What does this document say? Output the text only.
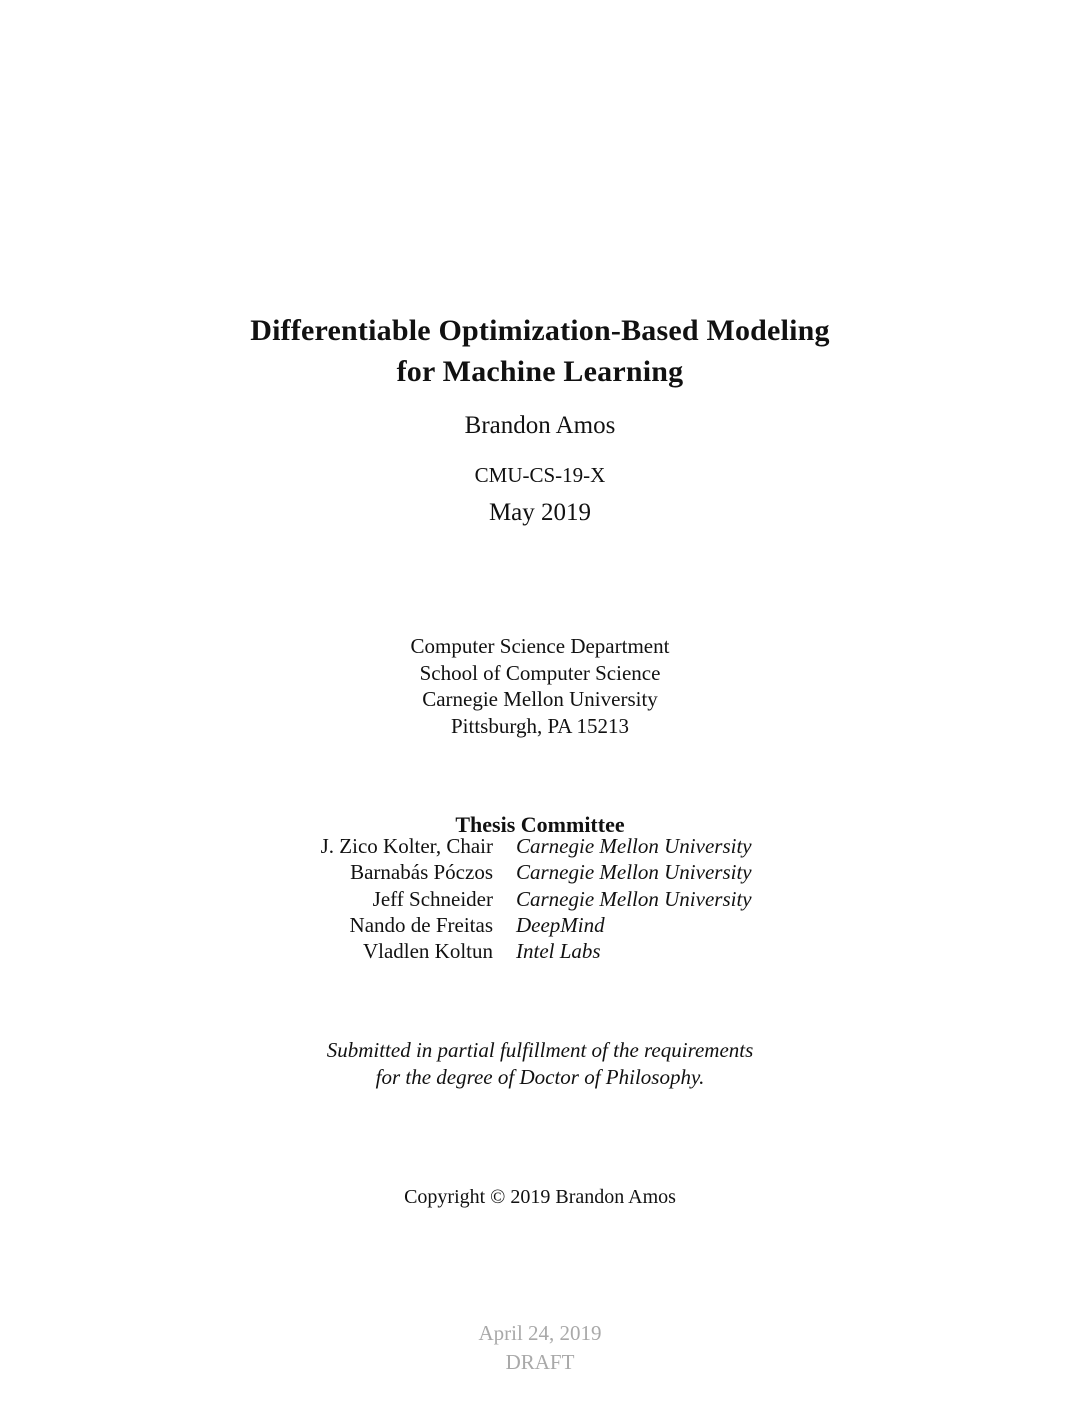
Differentiable Optimization-Based Modeling
for Machine Learning
Brandon Amos
CMU-CS-19-X
May 2019
Computer Science Department
School of Computer Science
Carnegie Mellon University
Pittsburgh, PA 15213
Thesis Committee
J. Zico Kolter, Chair Carnegie Mellon University
Barnabás Póczos Carnegie Mellon University
Jeff Schneider Carnegie Mellon University
Nando de Freitas DeepMind
Vladlen Koltun Intel Labs
Submitted in partial fulfillment of the requirements
for the degree of Doctor of Philosophy.
Copyright © 2019 Brandon Amos
April 24, 2019
DRAFT
